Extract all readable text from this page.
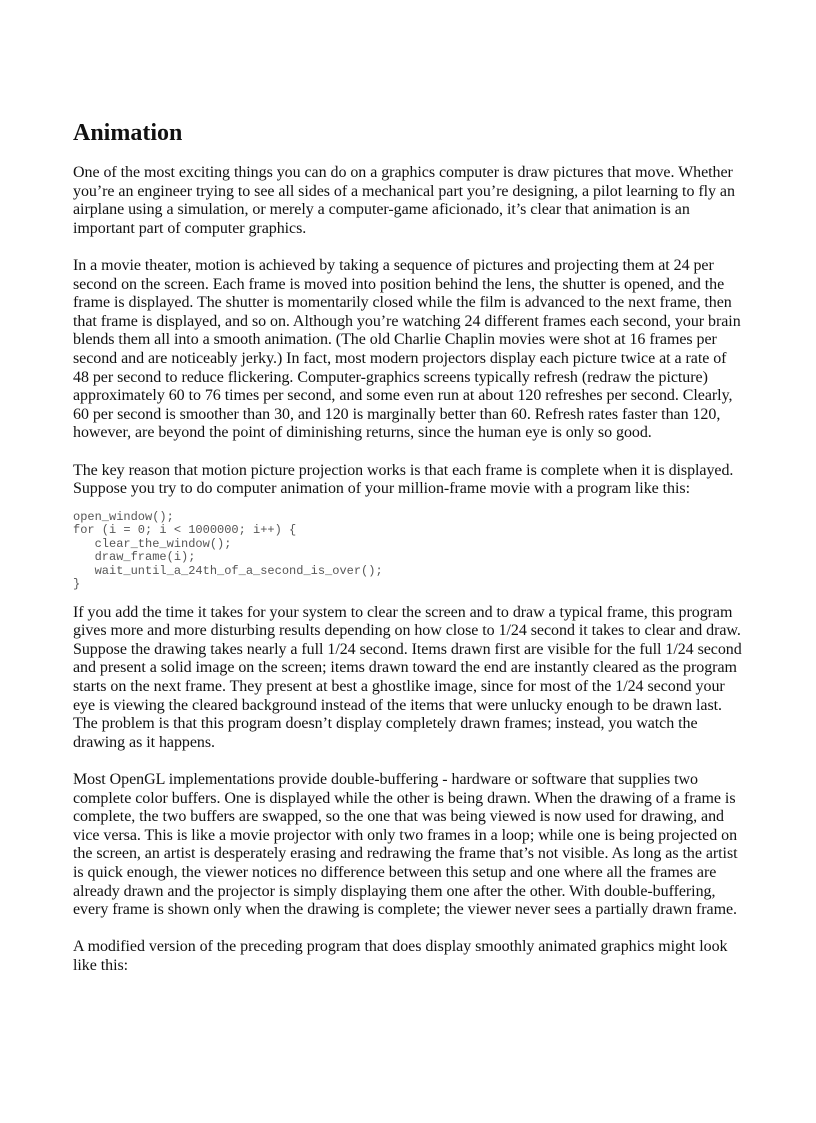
Animation

One of the most exciting things you can do on a graphics computer is draw pictures that move. Whether you’re an engineer trying to see all sides of a mechanical part you’re designing, a pilot learning to fly an airplane using a simulation, or merely a computer-game aficionado, it’s clear that animation is an important part of computer graphics.

In a movie theater, motion is achieved by taking a sequence of pictures and projecting them at 24 per second on the screen. Each frame is moved into position behind the lens, the shutter is opened, and the frame is displayed. The shutter is momentarily closed while the film is advanced to the next frame, then that frame is displayed, and so on. Although you’re watching 24 different frames each second, your brain blends them all into a smooth animation. (The old Charlie Chaplin movies were shot at 16 frames per second and are noticeably jerky.) In fact, most modern projectors display each picture twice at a rate of 48 per second to reduce flickering. Computer-graphics screens typically refresh (redraw the picture) approximately 60 to 76 times per second, and some even run at about 120 refreshes per second. Clearly, 60 per second is smoother than 30, and 120 is marginally better than 60. Refresh rates faster than 120, however, are beyond the point of diminishing returns, since the human eye is only so good.

The key reason that motion picture projection works is that each frame is complete when it is displayed. Suppose you try to do computer animation of your million-frame movie with a program like this:

open_window();
for (i = 0; i < 1000000; i++) {
clear_the_window();
draw_frame(i);
wait_until_a_24th_of_a_second_is_over();
}

If you add the time it takes for your system to clear the screen and to draw a typical frame, this program gives more and more disturbing results depending on how close to 1/24 second it takes to clear and draw. Suppose the drawing takes nearly a full 1/24 second. Items drawn first are visible for the full 1/24 second and present a solid image on the screen; items drawn toward the end are instantly cleared as the program starts on the next frame. They present at best a ghostlike image, since for most of the 1/24 second your eye is viewing the cleared background instead of the items that were unlucky enough to be drawn last. The problem is that this program doesn’t display completely drawn frames; instead, you watch the drawing as it happens.

Most OpenGL implementations provide double-buffering - hardware or software that supplies two complete color buffers. One is displayed while the other is being drawn. When the drawing of a frame is complete, the two buffers are swapped, so the one that was being viewed is now used for drawing, and vice versa. This is like a movie projector with only two frames in a loop; while one is being projected on the screen, an artist is desperately erasing and redrawing the frame that’s not visible. As long as the artist is quick enough, the viewer notices no difference between this setup and one where all the frames are already drawn and the projector is simply displaying them one after the other. With double-buffering, every frame is shown only when the drawing is complete; the viewer never sees a partially drawn frame.

A modified version of the preceding program that does display smoothly animated graphics might look like this:
